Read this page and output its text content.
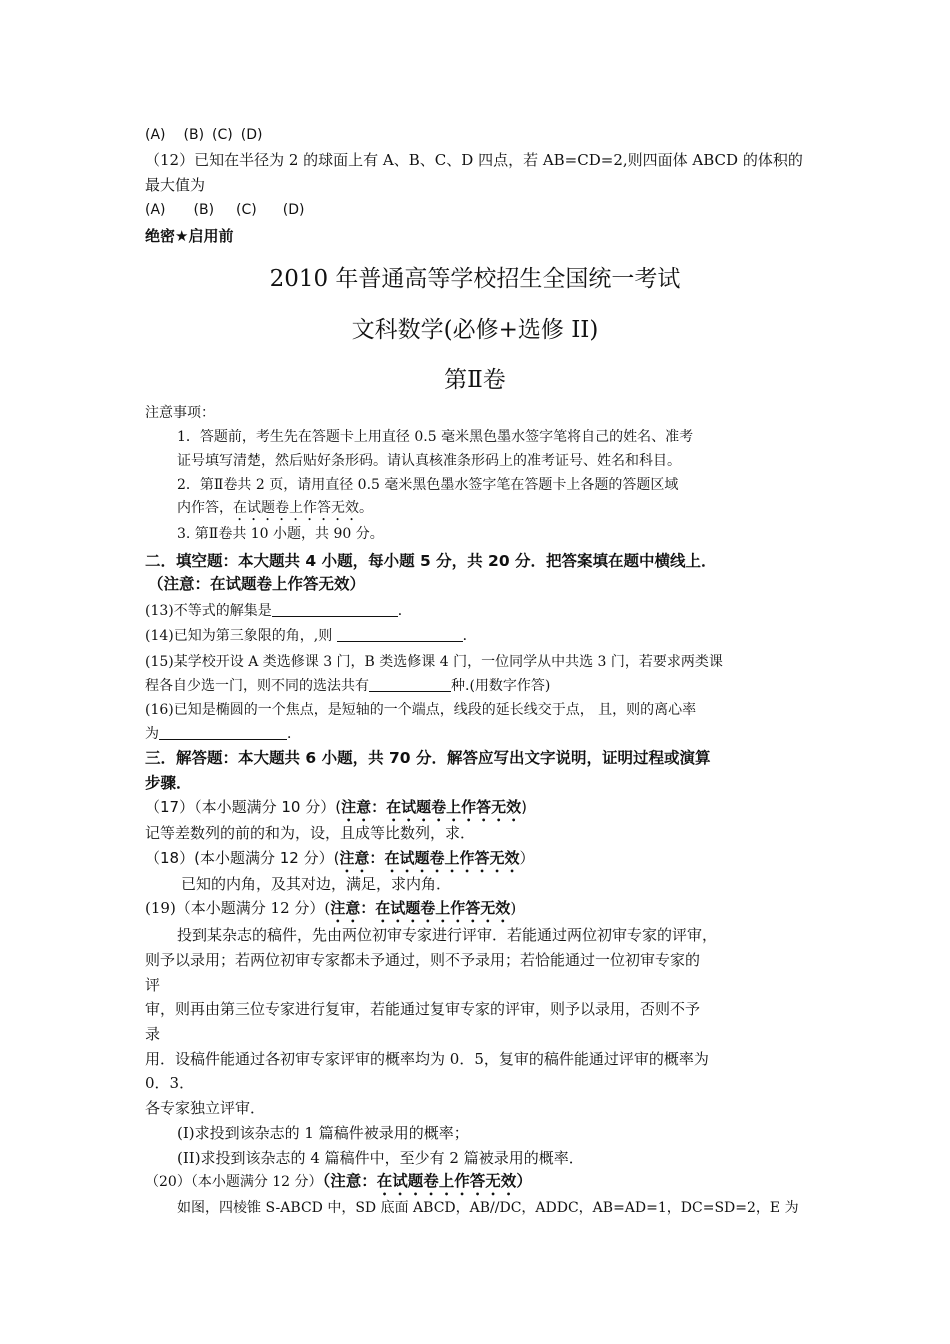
(A) (B) (C) (D)
（12）已知在半径为 2 的球面上有 A、B、C、D 四点，若 AB=CD=2,则四面体 ABCD 的体积的
最大值为
(A) (B) (C) (D)
绝密★启用前
2010 年普通高等学校招生全国统一考试
文科数学(必修+选修 II)
第Ⅱ卷
注意事项：
1．答题前，考生先在答题卡上用直径 0.5 毫米黑色墨水签字笔将自己的姓名、准考
证号填写清楚，然后贴好条形码。请认真核准条形码上的准考证号、姓名和科目。
2．第Ⅱ卷共 2 页，请用直径 0.5 毫米黑色墨水签字笔在答题卡上各题的答题区域
内作答，在试题卷上作答无效。
3. 第Ⅱ卷共 10 小题，共 90 分。
二．填空题：本大题共 4 小题，每小题 5 分，共 20 分．把答案填在题中横线上．
（注意：在试题卷上作答无效）
(13)不等式的解集是	．
(14)已知为第三象限的角，,则	．
(15)某学校开设 A 类选修课 3 门，B 类选修课 4 门，一位同学从中共选 3 门，若要求两类课
程各自少选一门，则不同的选法共有	种.(用数字作答)
(16)已知是椭圆的一个焦点，是短轴的一个端点，线段的延长线交于点， 且，则的离心率
为	．
三．解答题：本大题共 6 小题，共 70 分．解答应写出文字说明，证明过程或演算
步骤．
（17）（本小题满分 10 分）(注意：在试题卷上作答无效)
记等差数列的前的和为，设，且成等比数列，求．
（18）(本小题满分 12 分）(注意：在试题卷上作答无效）
已知的内角，及其对边，满足，求内角．
(19)（本小题满分 12 分）(注意：在试题卷上作答无效)
投到某杂志的稿件，先由两位初审专家进行评审．若能通过两位初审专家的评审，
则予以录用；若两位初审专家都未予通过，则不予录用；若恰能通过一位初审专家的
评
审，则再由第三位专家进行复审，若能通过复审专家的评审，则予以录用，否则不予
录
用．设稿件能通过各初审专家评审的概率均为 0．5，复审的稿件能通过评审的概率为
0．3．
各专家独立评审．
(I)求投到该杂志的 1 篇稿件被录用的概率；
(II)求投到该杂志的 4 篇稿件中，至少有 2 篇被录用的概率．
（20）（本小题满分 12 分）（注意：在试题卷上作答无效）
如图，四棱锥 S-ABCD 中，SD 底面 ABCD，AB//DC，ADDC，AB=AD=1，DC=SD=2，E 为
